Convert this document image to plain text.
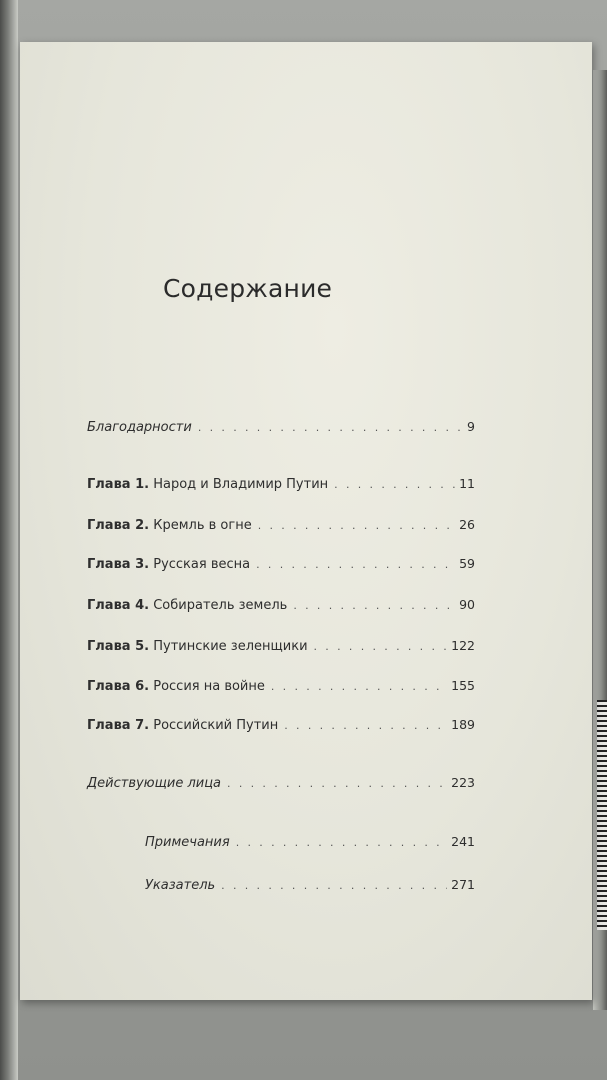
Содержание
Благодарности . . .	9
Глава 1. Народ и Владимир Путин . . .	11
Глава 2. Кремль в огне . . .	26
Глава 3. Русская весна . . .	59
Глава 4. Собиратель земель . . .	90
Глава 5. Путинские зеленщики . . .	122
Глава 6. Россия на войне . . .	155
Глава 7. Российский Путин . . .	189
Действующие лица . . .	223
Примечания . . .	241
Указатель . . .	271
